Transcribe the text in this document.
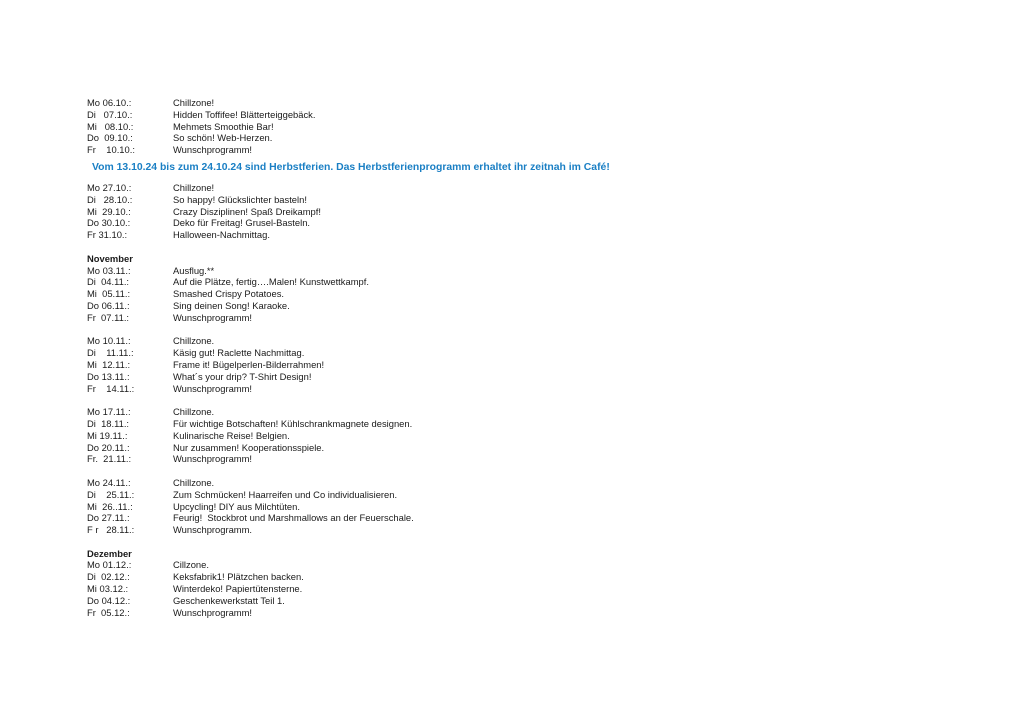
Mo 06.10.:	Chillzone!
Di   07.10.:	Hidden Toffifee! Blätterteiggebäck.
Mi   08.10.:	Mehmets Smoothie Bar!
Do  09.10.:	So schön! Web-Herzen.
Fr    10.10.:	Wunschprogramm!
Vom 13.10.24 bis zum 24.10.24 sind Herbstferien. Das Herbstferienprogramm erhaltet ihr zeitnah im Café!
Mo 27.10.:	Chillzone!
Di   28.10.:	So happy! Glückslichter basteln!
Mi  29.10.:	Crazy Disziplinen! Spaß Dreikampf!
Do 30.10.:	Deko für Freitag! Grusel-Basteln.
Fr 31.10.:	Halloween-Nachmittag.
November
Mo 03.11.:	Ausflug.**
Di  04.11.:	Auf die Plätze, fertig….Malen! Kunstwettkampf.
Mi  05.11.:	Smashed Crispy Potatoes.
Do 06.11.:	Sing deinen Song! Karaoke.
Fr  07.11.:	Wunschprogramm!
Mo 10.11.:	Chillzone.
Di    11.11.:	Käsig gut! Raclette Nachmittag.
Mi  12.11.:	Frame it! Bügelperlen-Bilderrahmen!
Do 13.11.:	What´s your drip? T-Shirt Design!
Fr    14.11.:	Wunschprogramm!
Mo 17.11.:	Chillzone.
Di  18.11.:	Für wichtige Botschaften! Kühlschrankmagnete designen.
Mi 19.11.:	Kulinarische Reise! Belgien.
Do 20.11.:	Nur zusammen! Kooperationsspiele.
Fr.  21.11.:	Wunschprogramm!
Mo 24.11.:	Chillzone.
Di    25.11.:	Zum Schmücken! Haarreifen und Co individualisieren.
Mi  26..11.:	Upcycling! DIY aus Milchtüten.
Do 27.11.:	Feurig!  Stockbrot und Marshmallows an der Feuerschale.
F r   28.11.:	Wunschprogramm.
Dezember
Mo 01.12.:	Cillzone.
Di  02.12.:	Keksfabrik1! Plätzchen backen.
Mi 03.12.:	Winterdeko! Papiertütensterne.
Do 04.12.:	Geschenkewerkstatt Teil 1.
Fr  05.12.:	Wunschprogramm!
